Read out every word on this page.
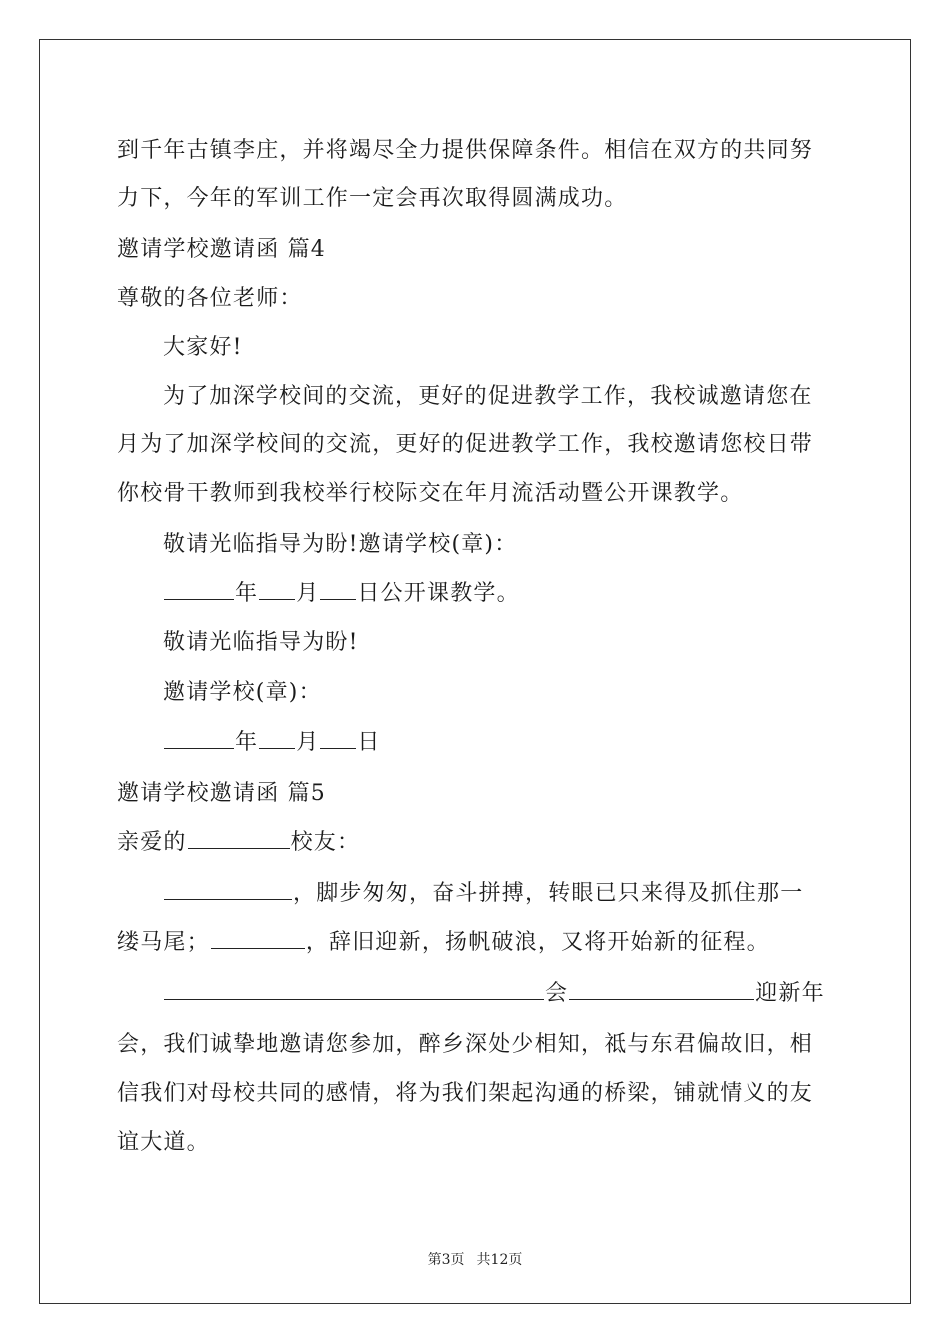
到千年古镇李庄，并将竭尽全力提供保障条件。相信在双方的共同努
力下，今年的军训工作一定会再次取得圆满成功。
邀请学校邀请函 篇4
尊敬的各位老师：
大家好!
为了加深学校间的交流，更好的促进教学工作，我校诚邀请您在
月为了加深学校间的交流，更好的促进教学工作，我校邀请您校日带
你校骨干教师到我校举行校际交在年月流活动暨公开课教学。
敬请光临指导为盼!邀请学校(章)：
年 月 日公开课教学。
敬请光临指导为盼!
邀请学校(章)：
年 月 日
邀请学校邀请函 篇5
亲爱的	校友：
，脚步匆匆，奋斗拼搏，转眼已只来得及抓住那一
缕马尾；	，辞旧迎新，扬帆破浪，又将开始新的征程。
会	迎新年
会，我们诚挚地邀请您参加，醉乡深处少相知，祗与东君偏故旧，相
信我们对母校共同的感情，将为我们架起沟通的桥梁，铺就情义的友
谊大道。
第3页 共12页
